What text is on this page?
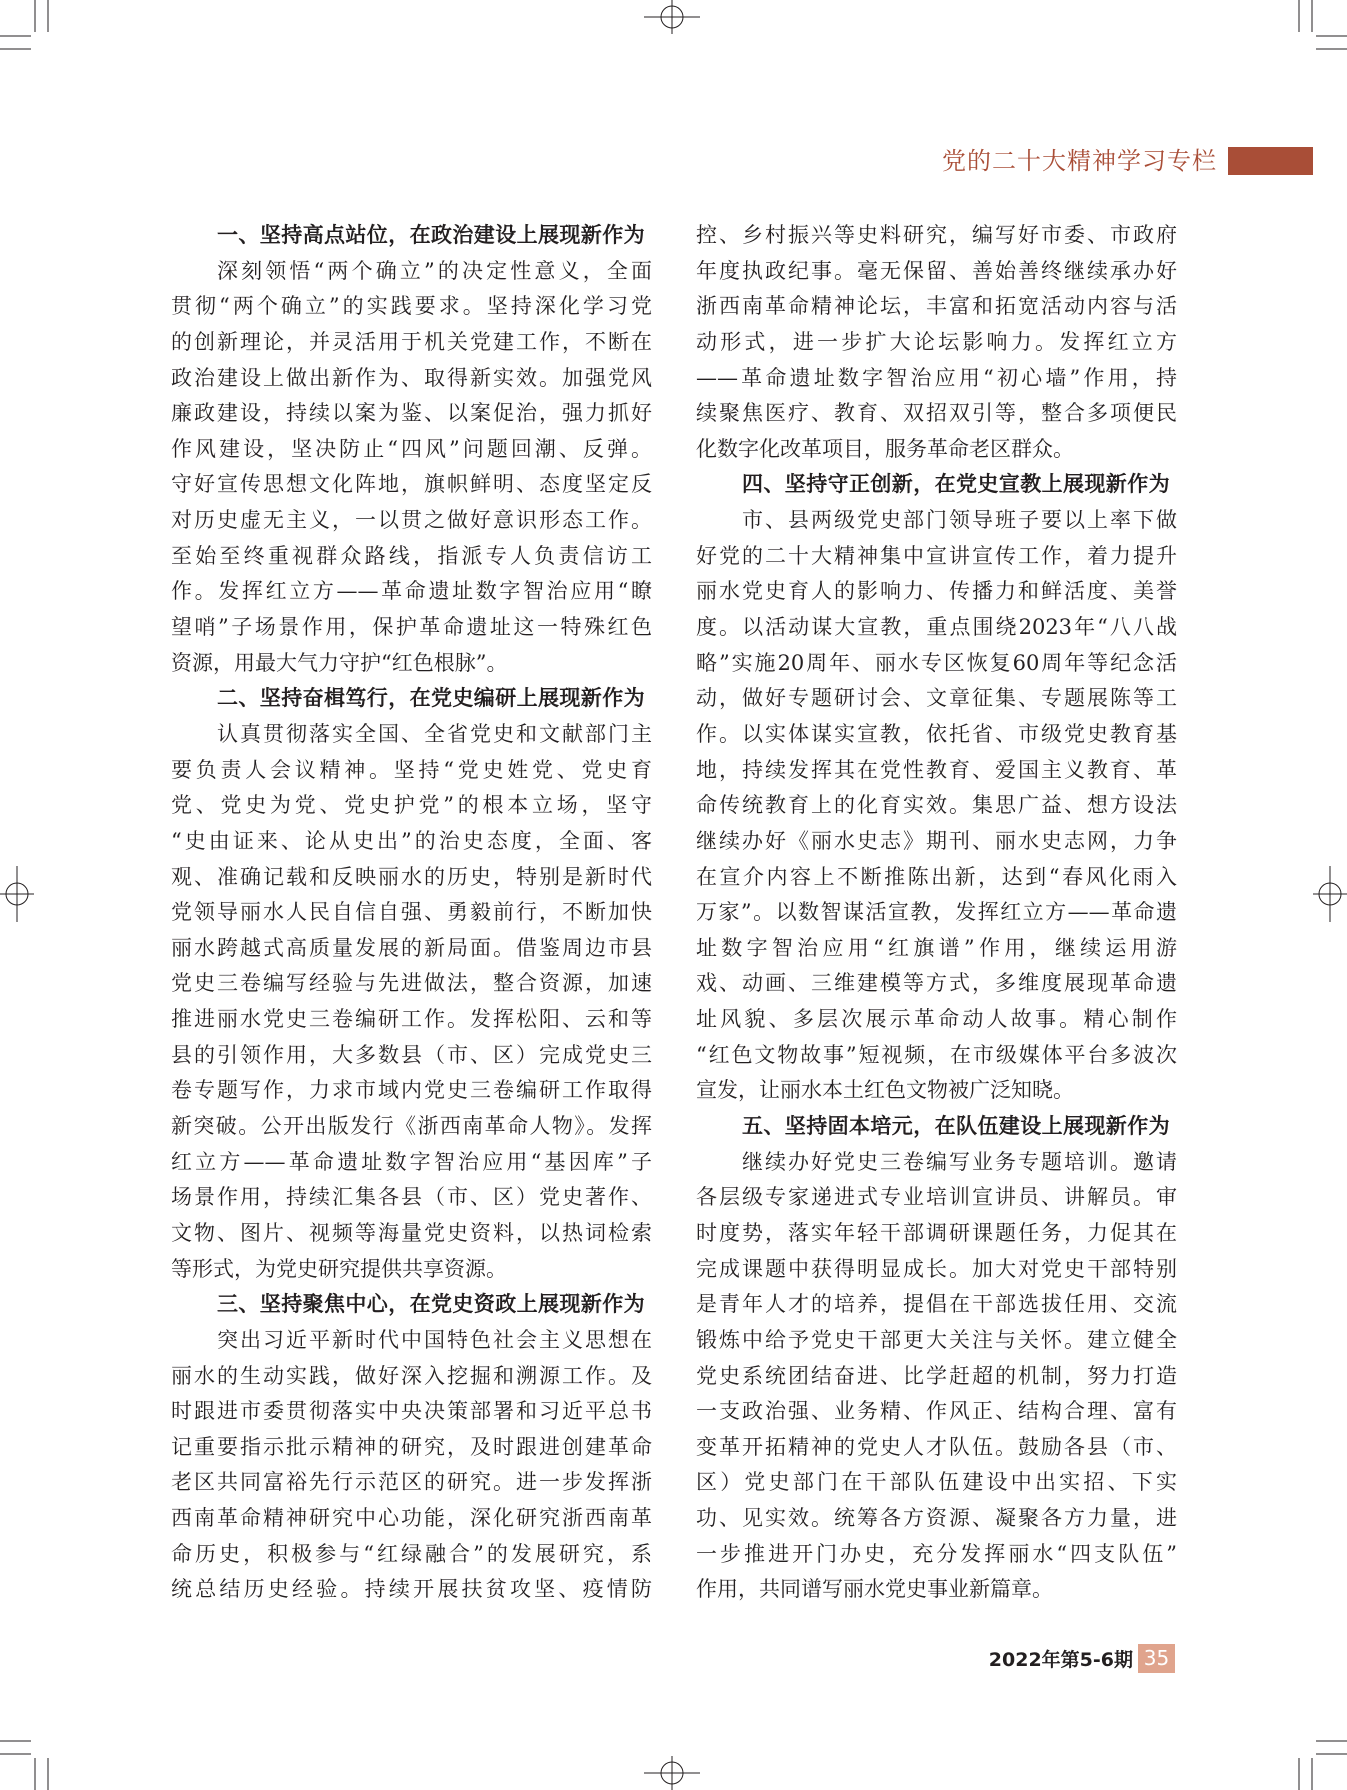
党的二十大精神学习专栏
一、坚持高点站位，在政治建设上展现新作为
深刻领悟“两个确立”的决定性意义，全面
贯彻“两个确立”的实践要求。坚持深化学习党
的创新理论，并灵活用于机关党建工作，不断在
政治建设上做出新作为、取得新实效。加强党风
廉政建设，持续以案为鉴、以案促治，强力抓好
作风建设，坚决防止“四风”问题回潮、反弹。
守好宣传思想文化阵地，旗帜鲜明、态度坚定反
对历史虚无主义，一以贯之做好意识形态工作。
至始至终重视群众路线，指派专人负责信访工
作。发挥红立方——革命遗址数字智治应用“瞭
望哨”子场景作用，保护革命遗址这一特殊红色
资源，用最大气力守护“红色根脉”。
二、坚持奋楫笃行，在党史编研上展现新作为
认真贯彻落实全国、全省党史和文献部门主
要负责人会议精神。坚持“党史姓党、党史育
党、党史为党、党史护党”的根本立场，坚守
“史由证来、论从史出”的治史态度，全面、客
观、准确记载和反映丽水的历史，特别是新时代
党领导丽水人民自信自强、勇毅前行，不断加快
丽水跨越式高质量发展的新局面。借鉴周边市县
党史三卷编写经验与先进做法，整合资源，加速
推进丽水党史三卷编研工作。发挥松阳、云和等
县的引领作用，大多数县（市、区）完成党史三
卷专题写作，力求市域内党史三卷编研工作取得
新突破。公开出版发行《浙西南革命人物》。发挥
红立方——革命遗址数字智治应用“基因库”子
场景作用，持续汇集各县（市、区）党史著作、
文物、图片、视频等海量党史资料，以热词检索
等形式，为党史研究提供共享资源。
三、坚持聚焦中心，在党史资政上展现新作为
突出习近平新时代中国特色社会主义思想在
丽水的生动实践，做好深入挖掘和溯源工作。及
时跟进市委贯彻落实中央决策部署和习近平总书
记重要指示批示精神的研究，及时跟进创建革命
老区共同富裕先行示范区的研究。进一步发挥浙
西南革命精神研究中心功能，深化研究浙西南革
命历史，积极参与“红绿融合”的发展研究，系
统总结历史经验。持续开展扶贫攻坚、疫情防
控、乡村振兴等史料研究，编写好市委、市政府
年度执政纪事。毫无保留、善始善终继续承办好
浙西南革命精神论坛，丰富和拓宽活动内容与活
动形式，进一步扩大论坛影响力。发挥红立方
——革命遗址数字智治应用“初心墙”作用，持
续聚焦医疗、教育、双招双引等，整合多项便民
化数字化改革项目，服务革命老区群众。
四、坚持守正创新，在党史宣教上展现新作为
市、县两级党史部门领导班子要以上率下做
好党的二十大精神集中宣讲宣传工作，着力提升
丽水党史育人的影响力、传播力和鲜活度、美誉
度。以活动谋大宣教，重点围绕2023年“八八战
略”实施20周年、丽水专区恢复60周年等纪念活
动，做好专题研讨会、文章征集、专题展陈等工
作。以实体谋实宣教，依托省、市级党史教育基
地，持续发挥其在党性教育、爱国主义教育、革
命传统教育上的化育实效。集思广益、想方设法
继续办好《丽水史志》期刊、丽水史志网，力争
在宣介内容上不断推陈出新，达到“春风化雨入
万家”。以数智谋活宣教，发挥红立方——革命遗
址数字智治应用“红旗谱”作用，继续运用游
戏、动画、三维建模等方式，多维度展现革命遗
址风貌、多层次展示革命动人故事。精心制作
“红色文物故事”短视频，在市级媒体平台多波次
宣发，让丽水本土红色文物被广泛知晓。
五、坚持固本培元，在队伍建设上展现新作为
继续办好党史三卷编写业务专题培训。邀请
各层级专家递进式专业培训宣讲员、讲解员。审
时度势，落实年轻干部调研课题任务，力促其在
完成课题中获得明显成长。加大对党史干部特别
是青年人才的培养，提倡在干部选拔任用、交流
锻炼中给予党史干部更大关注与关怀。建立健全
党史系统团结奋进、比学赶超的机制，努力打造
一支政治强、业务精、作风正、结构合理、富有
变革开拓精神的党史人才队伍。鼓励各县（市、
区）党史部门在干部队伍建设中出实招、下实
功、见实效。统筹各方资源、凝聚各方力量，进
一步推进开门办史，充分发挥丽水“四支队伍”
作用，共同谱写丽水党史事业新篇章。
2022年第5-6期 35
